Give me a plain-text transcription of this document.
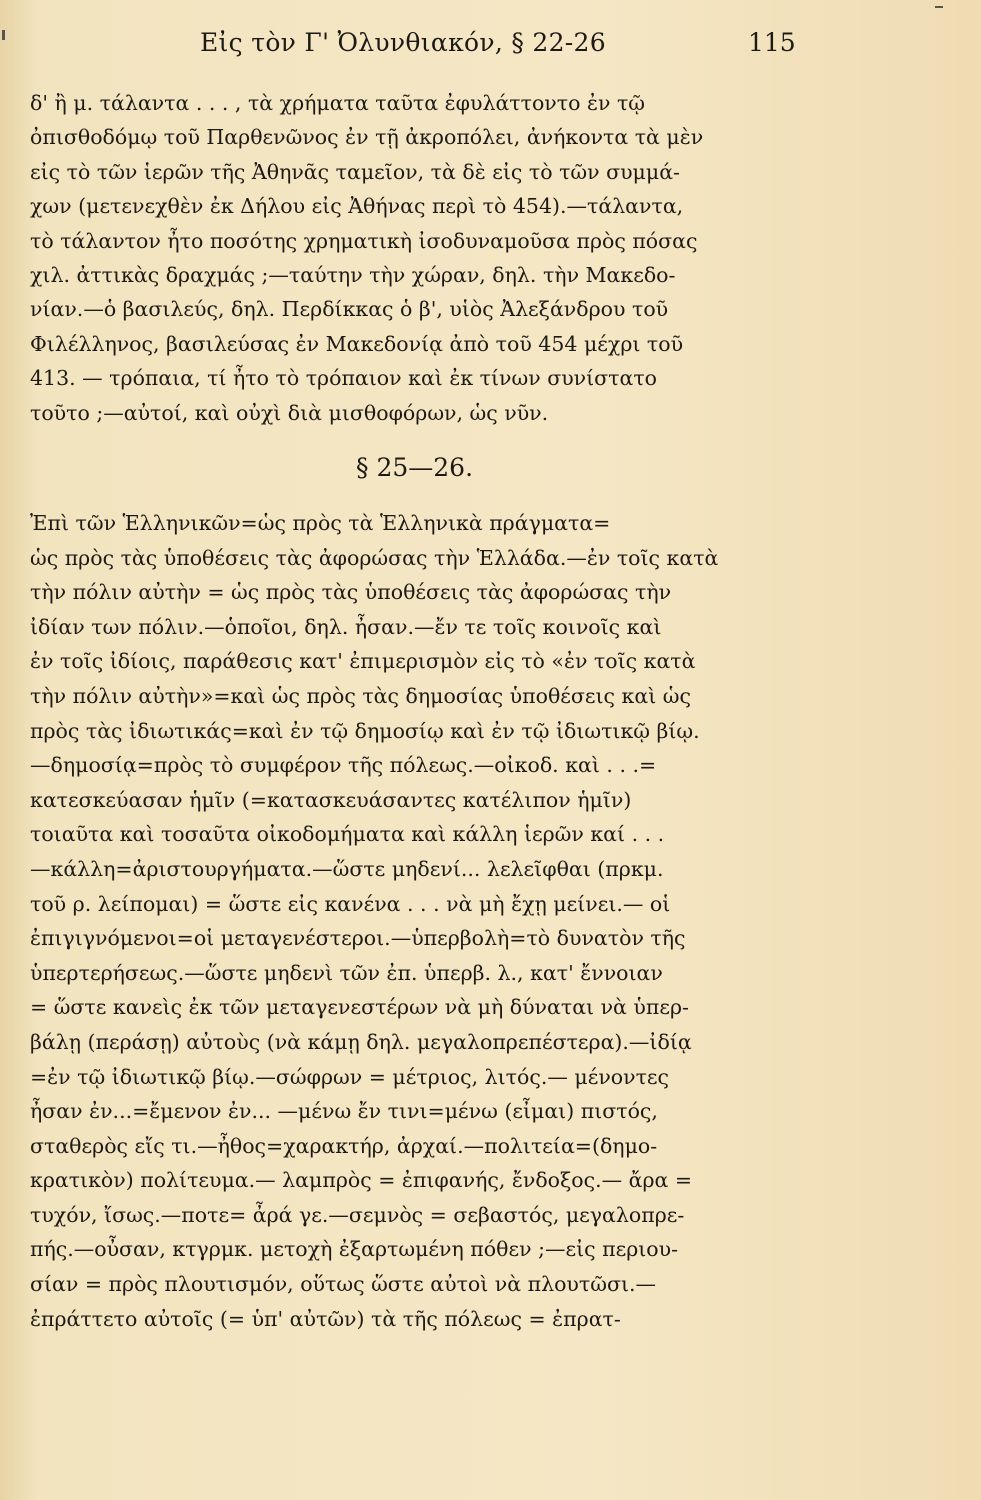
Εἰς τὸν Γ' Ὀλυνθιακόν, § 22-26	115
δ' ἢ μ. τάλαντα . . . , τὰ χρήματα ταῦτα ἐφυλάττοντο ἐν τῷ
ὀπισθοδόμῳ τοῦ Παρθενῶνος ἐν τῇ ἀκροπόλει, ἀνήκοντα τὰ μὲν
εἰς τὸ τῶν ἱερῶν τῆς Ἀθηνᾶς ταμεῖον, τὰ δὲ εἰς τὸ τῶν συμμά-
χων (μετενεχθὲν ἐκ Δήλου εἰς Ἀθήνας περὶ τὸ 454).—τάλαντα,
τὸ τάλαντον ἦτο ποσότης χρηματικὴ ἰσοδυναμοῦσα πρὸς πόσας
χιλ. ἀττικὰς δραχμάς ;—ταύτην τὴν χώραν, δηλ. τὴν Μακεδο-
νίαν.—ὁ βασιλεύς, δηλ. Περδίκκας ὁ β', υἱὸς Ἀλεξάνδρου τοῦ
Φιλέλληνος, βασιλεύσας ἐν Μακεδονίᾳ ἀπὸ τοῦ 454 μέχρι τοῦ
413. — τρόπαια, τί ἦτο τὸ τρόπαιον καὶ ἐκ τίνων συνίστατο
τοῦτο ;—αὐτοί, καὶ οὐχὶ διὰ μισθοφόρων, ὡς νῦν.
§ 25—26.
Ἐπὶ τῶν Ἑλληνικῶν=ὡς πρὸς τὰ Ἑλληνικὰ πράγματα=
ὡς πρὸς τὰς ὑποθέσεις τὰς ἀφορώσας τὴν Ἑλλάδα.—ἐν τοῖς κατὰ
τὴν πόλιν αὐτὴν = ὡς πρὸς τὰς ὑποθέσεις τὰς ἀφορώσας τὴν
ἰδίαν των πόλιν.—ὁποῖοι, δηλ. ἦσαν.—ἔν τε τοῖς κοινοῖς καὶ
ἐν τοῖς ἰδίοις, παράθεσις κατ' ἐπιμερισμὸν εἰς τὸ «ἐν τοῖς κατὰ
τὴν πόλιν αὐτὴν»=καὶ ὡς πρὸς τὰς δημοσίας ὑποθέσεις καὶ ὡς
πρὸς τὰς ἰδιωτικάς=καὶ ἐν τῷ δημοσίῳ καὶ ἐν τῷ ἰδιωτικῷ βίῳ.
—δημοσίᾳ=πρὸς τὸ συμφέρον τῆς πόλεως.—οἰκοδ. καὶ . . .=
κατεσκεύασαν ἡμῖν (=κατασκευάσαντες κατέλιπον ἡμῖν)
τοιαῦτα καὶ τοσαῦτα οἰκοδομήματα καὶ κάλλη ἱερῶν καί . . .
—κάλλη=ἀριστουργήματα.—ὥστε μηδενί... λελεῖφθαι (πρκμ.
τοῦ ρ. λείπομαι) = ὥστε εἰς κανένα . . . νὰ μὴ ἔχῃ μείνει.— οἱ
ἐπιγιγνόμενοι=οἱ μεταγενέστεροι.—ὑπερβολὴ=τὸ δυνατὸν τῆς
ὑπερτερήσεως.—ὥστε μηδενὶ τῶν ἐπ. ὑπερβ. λ., κατ' ἔννοιαν
= ὥστε κανεὶς ἐκ τῶν μεταγενεστέρων νὰ μὴ δύναται νὰ ὑπερ-
βάλῃ (περάσῃ) αὐτοὺς (νὰ κάμῃ δηλ. μεγαλοπρεπέστερα).—ἰδίᾳ
=ἐν τῷ ἰδιωτικῷ βίῳ.—σώφρων = μέτριος, λιτός.— μένοντες
ἦσαν ἐν...=ἔμενον ἐν... —μένω ἔν τινι=μένω (εἶμαι) πιστός,
σταθερὸς εἴς τι.—ἦθος=χαρακτήρ, ἀρχαί.—πολιτεία=(δημο-
κρατικὸν) πολίτευμα.— λαμπρὸς = ἐπιφανής, ἔνδοξος.— ἄρα =
τυχόν, ἴσως.—ποτε= ἆρά γε.—σεμνὸς = σεβαστός, μεγαλοπρε-
πής.—οὖσαν, κτγρμκ. μετοχὴ ἐξαρτωμένη πόθεν ;—εἰς περιου-
σίαν = πρὸς πλουτισμόν, οὕτως ὥστε αὐτοὶ νὰ πλουτῶσι.—
ἐπράττετο αὐτοῖς (= ὑπ' αὐτῶν) τὰ τῆς πόλεως = ἐπρατ-
